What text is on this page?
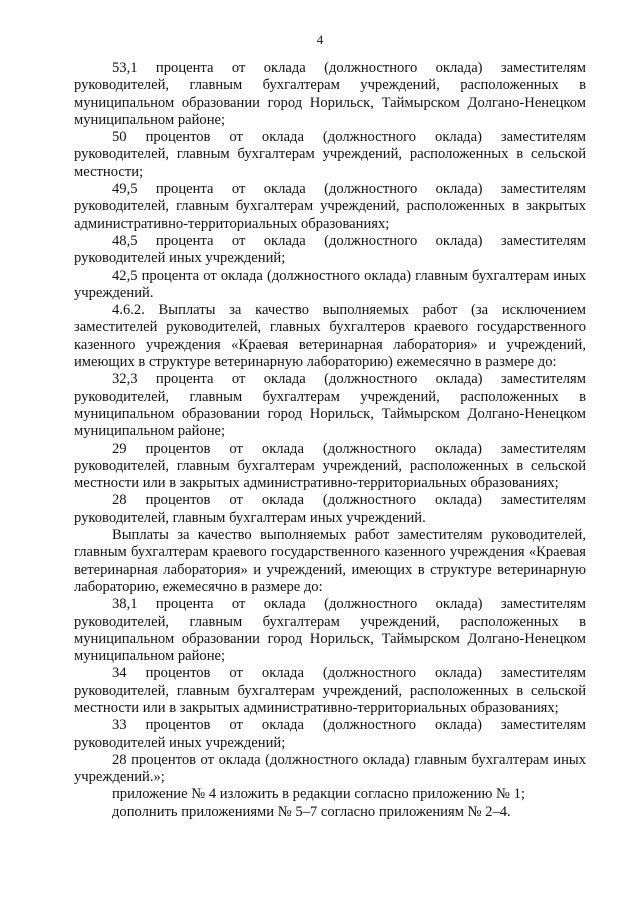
4

53,1 процента от оклада (должностного оклада) заместителям руководителей, главным бухгалтерам учреждений, расположенных в муниципальном образовании город Норильск, Таймырском Долгано-Ненецком муниципальном районе;

50 процентов от оклада (должностного оклада) заместителям руководителей, главным бухгалтерам учреждений, расположенных в сельской местности;

49,5 процента от оклада (должностного оклада) заместителям руководителей, главным бухгалтерам учреждений, расположенных в закрытых административно-территориальных образованиях;

48,5 процента от оклада (должностного оклада) заместителям руководителей иных учреждений;

42,5 процента от оклада (должностного оклада) главным бухгалтерам иных учреждений.

4.6.2. Выплаты за качество выполняемых работ (за исключением заместителей руководителей, главных бухгалтеров краевого государственного казенного учреждения «Краевая ветеринарная лаборатория» и учреждений, имеющих в структуре ветеринарную лабораторию) ежемесячно в размере до:

32,3 процента от оклада (должностного оклада) заместителям руководителей, главным бухгалтерам учреждений, расположенных в муниципальном образовании город Норильск, Таймырском Долгано-Ненецком муниципальном районе;

29 процентов от оклада (должностного оклада) заместителям руководителей, главным бухгалтерам учреждений, расположенных в сельской местности или в закрытых административно-территориальных образованиях;

28 процентов от оклада (должностного оклада) заместителям руководителей, главным бухгалтерам иных учреждений.

Выплаты за качество выполняемых работ заместителям руководителей, главным бухгалтерам краевого государственного казенного учреждения «Краевая ветеринарная лаборатория» и учреждений, имеющих в структуре ветеринарную лабораторию, ежемесячно в размере до:

38,1 процента от оклада (должностного оклада) заместителям руководителей, главным бухгалтерам учреждений, расположенных в муниципальном образовании город Норильск, Таймырском Долгано-Ненецком муниципальном районе;

34 процентов от оклада (должностного оклада) заместителям руководителей, главным бухгалтерам учреждений, расположенных в сельской местности или в закрытых административно-территориальных образованиях;

33 процентов от оклада (должностного оклада) заместителям руководителей иных учреждений;

28 процентов от оклада (должностного оклада) главным бухгалтерам иных учреждений.»;

приложение № 4 изложить в редакции согласно приложению № 1;

дополнить приложениями № 5–7 согласно приложениям № 2–4.
